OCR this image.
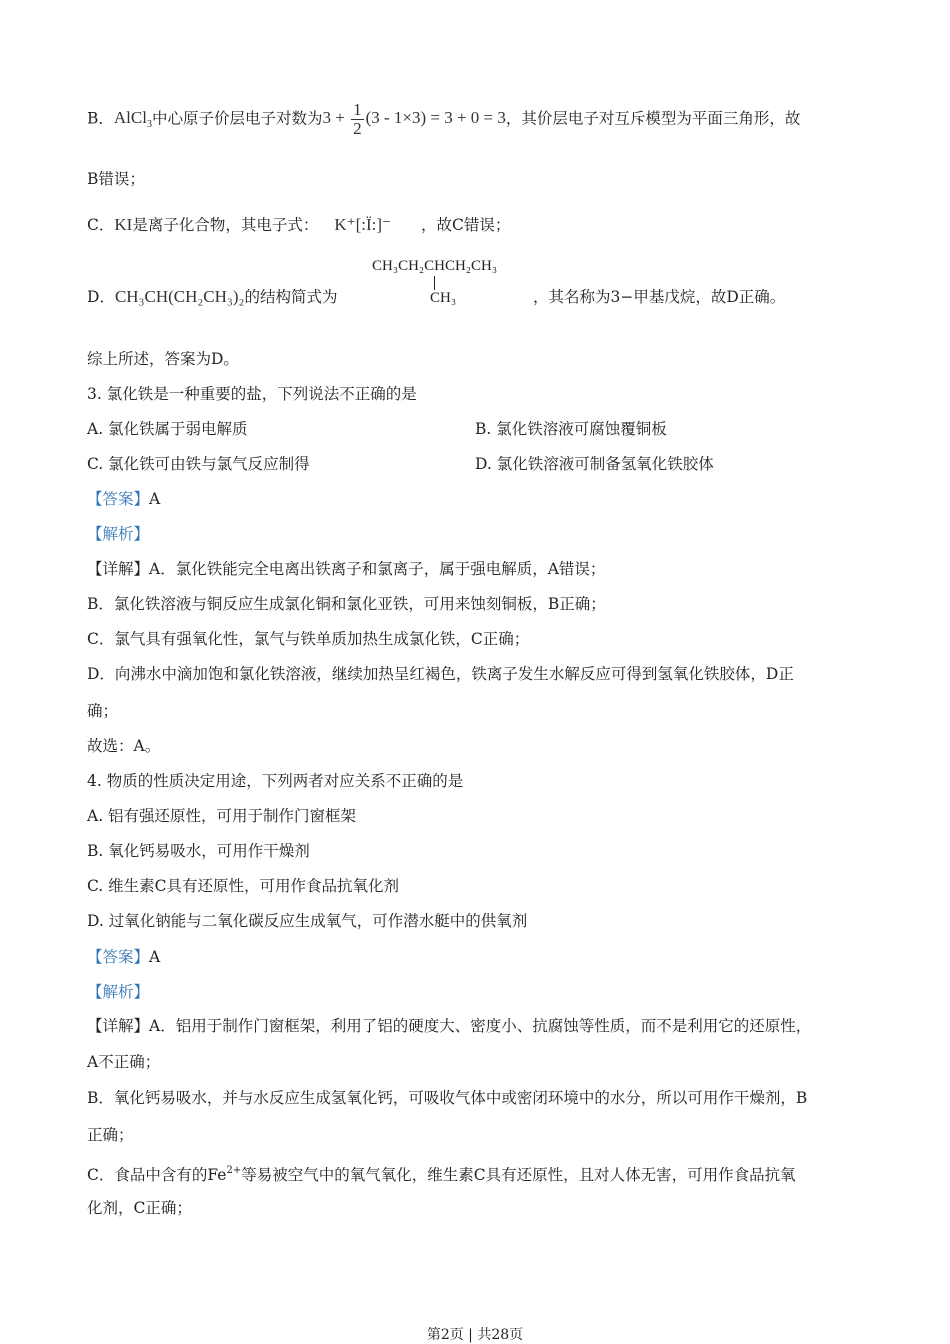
B．AlCl$_3$中心原子价层电子对数为$3 + \frac{1}{2} (3 - 1\times 3) = 3 + 0 = 3$，其价层电子对互斥模型为平面三角形，故
B错误；
C．KI是离子化合物，其电子式： K⁺[:Ï:]⁻ ，故C错误；
D．CH₃CH(CH₂CH₃)₂的结构简式为
CH₃CH₂CHCH₂CH₃
CH₃	，其名称为3−甲基戊烷，故D正确。
综上所述，答案为D。
3. 氯化铁是一种重要的盐，下列说法不正确的是
A. 氯化铁属于弱电解质	B. 氯化铁溶液可腐蚀覆铜板
C. 氯化铁可由铁与氯气反应制得	D. 氯化铁溶液可制备氢氧化铁胶体
【答案】A
【解析】
【详解】A．氯化铁能完全电离出铁离子和氯离子，属于强电解质，A错误；
B．氯化铁溶液与铜反应生成氯化铜和氯化亚铁，可用来蚀刻铜板，B正确；
C．氯气具有强氧化性，氯气与铁单质加热生成氯化铁，C正确；
D．向沸水中滴加饱和氯化铁溶液，继续加热呈红褐色，铁离子发生水解反应可得到氢氧化铁胶体，D正
确；
故选：A。
4. 物质的性质决定用途，下列两者对应关系不正确的是
A. 铝有强还原性，可用于制作门窗框架
B. 氧化钙易吸水，可用作干燥剂
C. 维生素C具有还原性，可用作食品抗氧化剂
D. 过氧化钠能与二氧化碳反应生成氧气，可作潜水艇中的供氧剂
【答案】A
【解析】
【详解】A．铝用于制作门窗框架，利用了铝的硬度大、密度小、抗腐蚀等性质，而不是利用它的还原性，
A不正确；
B．氧化钙易吸水，并与水反应生成氢氧化钙，可吸收气体中或密闭环境中的水分，所以可用作干燥剂，B
正确；
C．食品中含有的$Fe^{2+}$等易被空气中的氧气氧化，维生素C具有还原性，且对人体无害，可用作食品抗氧
化剂，C正确；
第2页 | 共28页
